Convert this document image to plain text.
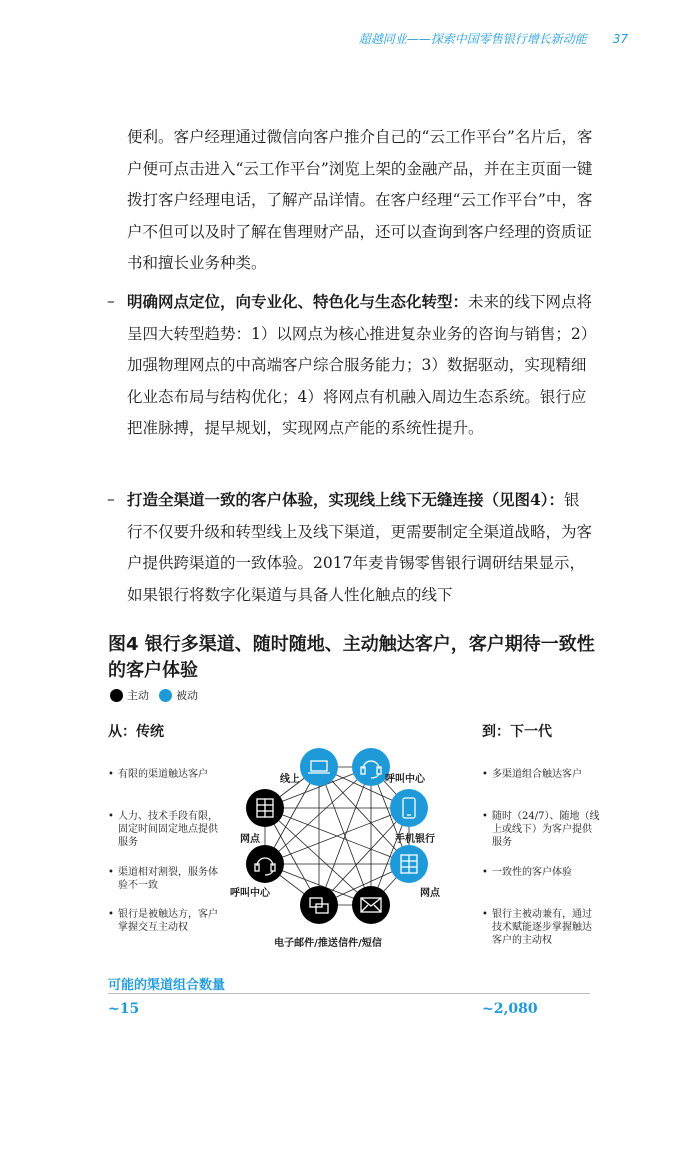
超越同业——探索中国零售银行增长新动能 37
便利。客户经理通过微信向客户推介自己的“云工作平台”名片后，客户便可点击进入“云工作平台”浏览上架的金融产品，并在主页面一键拨打客户经理电话，了解产品详情。在客户经理“云工作平台”中，客户不但可以及时了解在售理财产品，还可以查询到客户经理的资质证书和擅长业务种类。
– 明确网点定位，向专业化、特色化与生态化转型：未来的线下网点将呈四大转型趋势：1）以网点为核心推进复杂业务的咨询与销售；2）加强物理网点的中高端客户综合服务能力；3）数据驱动，实现精细化业态布局与结构优化；4）将网点有机融入周边生态系统。银行应把准脉搏，提早规划，实现网点产能的系统性提升。
– 打造全渠道一致的客户体验，实现线上线下无缝连接（见图4）：银行不仅要升级和转型线上及线下渠道，更需要制定全渠道战略，为客户提供跨渠道的一致体验。2017年麦肯锡零售银行调研结果显示，如果银行将数字化渠道与具备人性化触点的线下
图4 银行多渠道、随时随地、主动触达客户，客户期待一致性的客户体验
主动 被动
从：传统	到：下一代
• 有限的渠道触达客户
• 人力、技术手段有限，固定时间固定地点提供服务
• 渠道相对割裂，服务体验不一致
• 银行是被触达方，客户掌握交互主动权
• 多渠道组合触达客户
• 随时（24/7）、随地（线上或线下）为客户提供服务
• 一致性的客户体验
• 银行主被动兼有，通过技术赋能逐步掌握触达客户的主动权
线上	呼叫中心
手机银行
网点
信件/短信
电子邮件/推送
呼叫中心
网点
可能的渠道组合数量
~15	~2,080
